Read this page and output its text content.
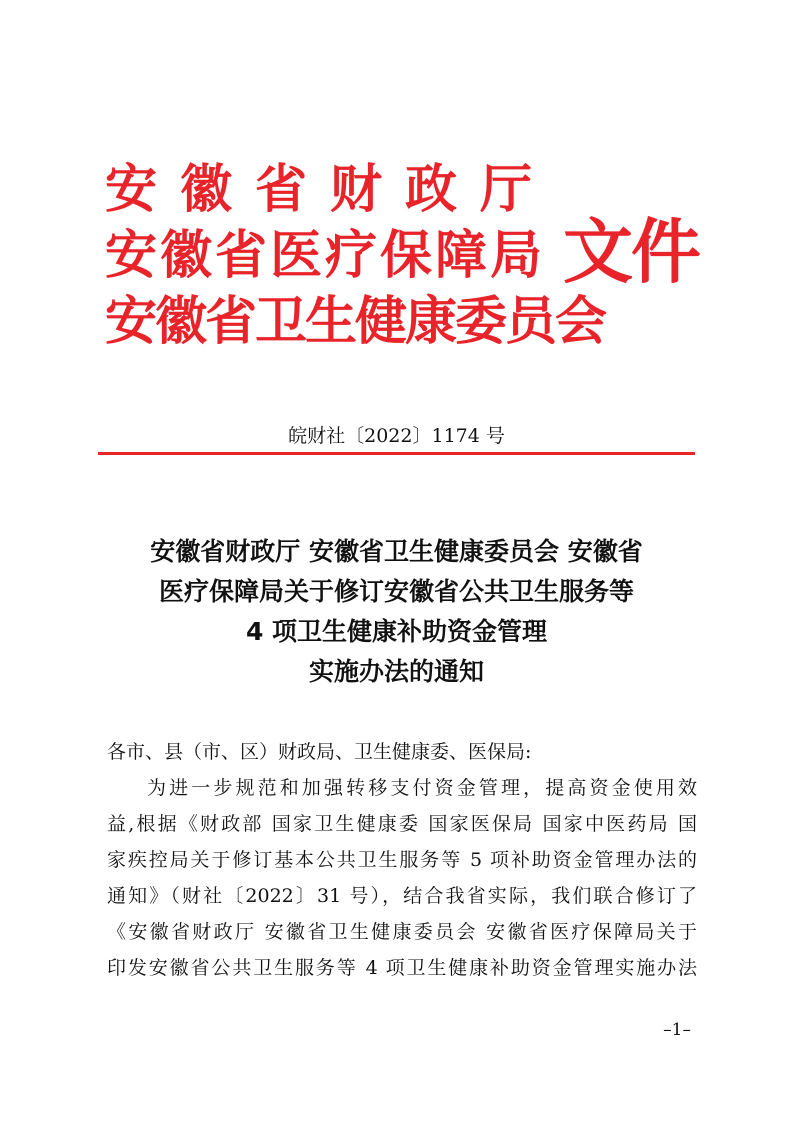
安徽省财政厅
安徽省医疗保障局
安徽省卫生健康委员会
文件
皖财社〔2022〕1174 号
安徽省财政厅 安徽省卫生健康委员会 安徽省
医疗保障局关于修订安徽省公共卫生服务等
4 项卫生健康补助资金管理
实施办法的通知
各市、县（市、区）财政局、卫生健康委、医保局:
为进一步规范和加强转移支付资金管理，提高资金使用效
益,根据《财政部 国家卫生健康委 国家医保局 国家中医药局 国
家疾控局关于修订基本公共卫生服务等 5 项补助资金管理办法的
通知》（财社〔2022〕31 号），结合我省实际，我们联合修订了
《安徽省财政厅 安徽省卫生健康委员会 安徽省医疗保障局关于
印发安徽省公共卫生服务等 4 项卫生健康补助资金管理实施办法
–1–
